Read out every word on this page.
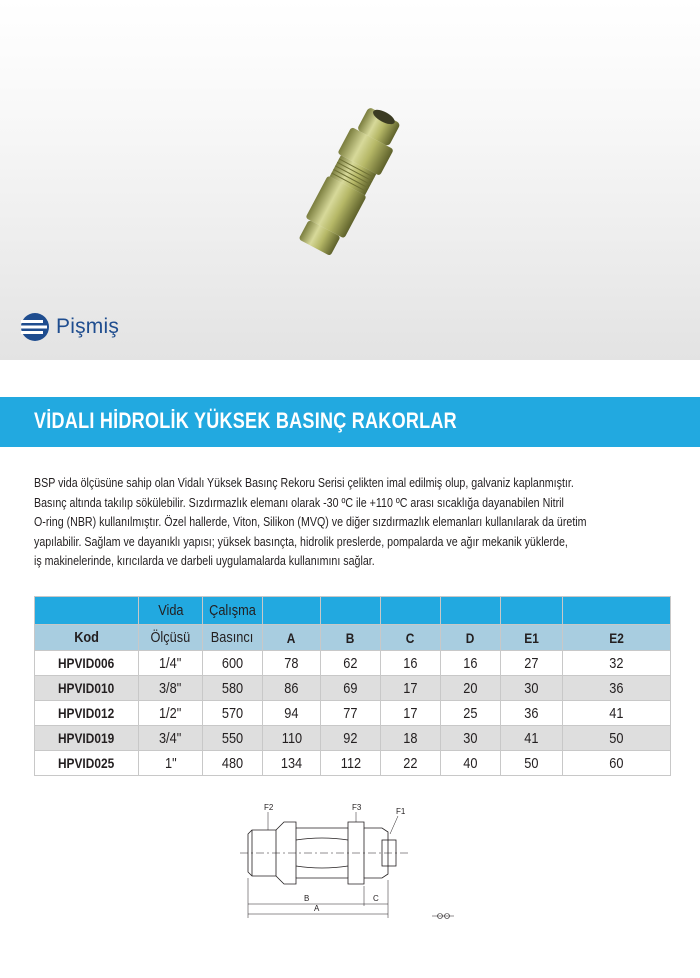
Pişmiş
VİDALI HİDROLİK YÜKSEK BASINÇ RAKORLAR
BSP vida ölçüsüne sahip olan Vidalı Yüksek Basınç Rekoru Serisi çelikten imal edilmiş olup, galvaniz kaplanmıştır.
Basınç altında takılıp sökülebilir. Sızdırmazlık elemanı olarak -30 ºC ile +110 ºC arası sıcaklığa dayanabilen Nitril
O-ring (NBR) kullanılmıştır. Özel hallerde, Viton, Silikon (MVQ) ve diğer sızdırmazlık elemanları kullanılarak da üretim
yapılabilir. Sağlam ve dayanıklı yapısı; yüksek basınçta, hidrolik preslerde, pompalarda ve ağır mekanik yüklerde,
iş makinelerinde, kırıcılarda ve darbeli uygulamalarda kullanımını sağlar.
	Vida	Çalışma						
Kod	Ölçüsü	Basıncı	A	B	C	D	E1	E2
HPVID006	1/4"	600	78	62	16	16	27	32
HPVID010	3/8"	580	86	69	17	20	30	36
HPVID012	1/2"	570	94	77	17	25	36	41
HPVID019	3/4"	550	110	92	18	30	41	50
HPVID025	1"	480	134	112	22	40	50	60
F2	F3	F1
B	C
A
